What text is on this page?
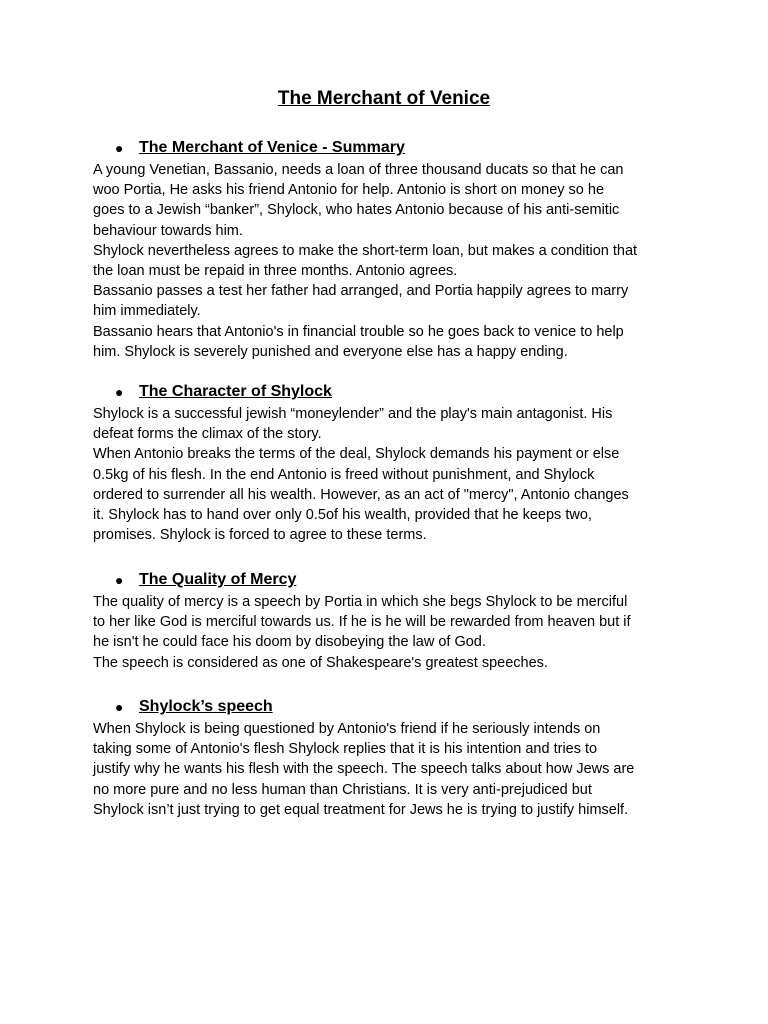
The Merchant of Venice
● The Merchant of Venice - Summary

A young Venetian, Bassanio, needs a loan of three thousand ducats so that he can
woo Portia, He asks his friend Antonio for help. Antonio is short on money so he
goes to a Jewish “banker”, Shylock, who hates Antonio because of his anti-semitic
behaviour towards him.
Shylock nevertheless agrees to make the short-term loan, but makes a condition that
the loan must be repaid in three months. Antonio agrees.
Bassanio passes a test her father had arranged, and Portia happily agrees to marry
him immediately.
Bassanio hears that Antonio's in financial trouble so he goes back to venice to help
him. Shylock is severely punished and everyone else has a happy ending.

● The Character of Shylock

Shylock is a successful jewish “moneylender” and the play's main antagonist. His
defeat forms the climax of the story.
When Antonio breaks the terms of the deal, Shylock demands his payment or else
0.5kg of his flesh. In the end Antonio is freed without punishment, and Shylock
ordered to surrender all his wealth. However, as an act of "mercy", Antonio changes
it. Shylock has to hand over only 0.5of his wealth, provided that he keeps two,
promises. Shylock is forced to agree to these terms.

● The Quality of Mercy

The quality of mercy is a speech by Portia in which she begs Shylock to be merciful
to her like God is merciful towards us. If he is he will be rewarded from heaven but if
he isn't he could face his doom by disobeying the law of God.
The speech is considered as one of Shakespeare's greatest speeches.

● Shylock’s speech

When Shylock is being questioned by Antonio's friend if he seriously intends on
taking some of Antonio's flesh Shylock replies that it is his intention and tries to
justify why he wants his flesh with the speech. The speech talks about how Jews are
no more pure and no less human than Christians. It is very anti-prejudiced but
Shylock isn’t just trying to get equal treatment for Jews he is trying to justify himself.
